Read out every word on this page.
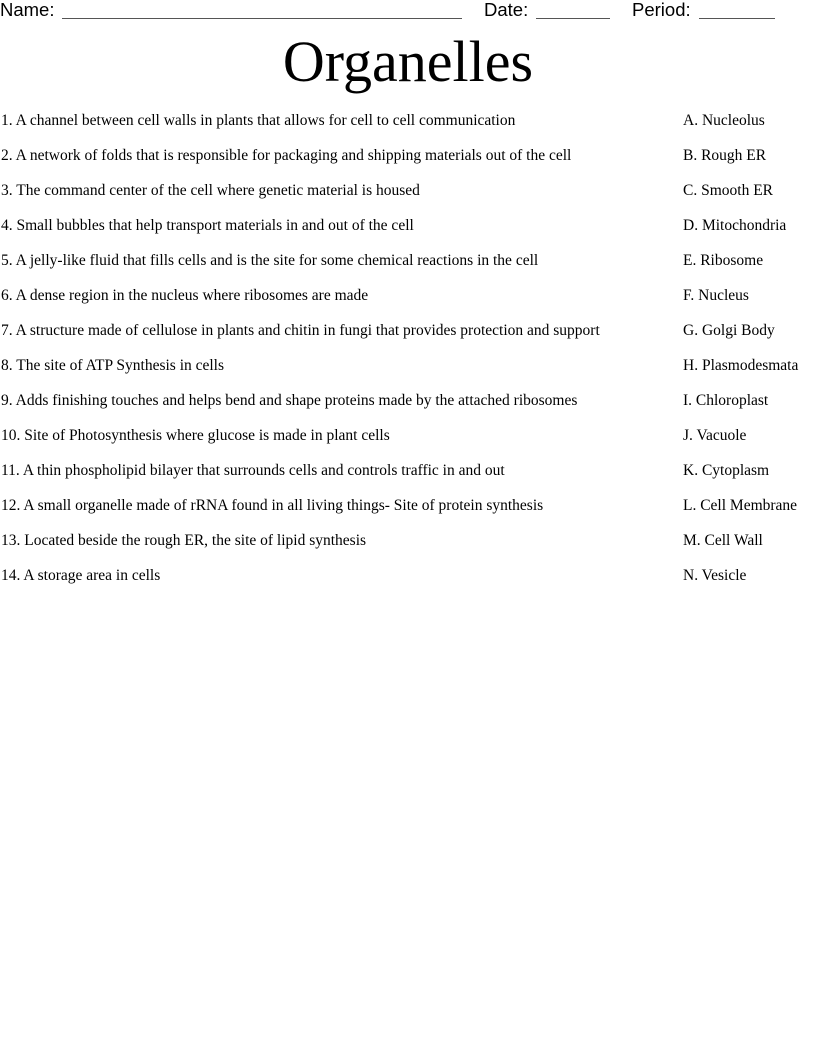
Name:	Date:	Period:
Organelles
1. A channel between cell walls in plants that allows for cell to cell communication	A. Nucleolus
2. A network of folds that is responsible for packaging and shipping materials out of the cell	B. Rough ER
3. The command center of the cell where genetic material is housed	C. Smooth ER
4. Small bubbles that help transport materials in and out of the cell	D. Mitochondria
5. A jelly-like fluid that fills cells and is the site for some chemical reactions in the cell	E. Ribosome
6. A dense region in the nucleus where ribosomes are made	F. Nucleus
7. A structure made of cellulose in plants and chitin in fungi that provides protection and support	G. Golgi Body
8. The site of ATP Synthesis in cells	H. Plasmodesmata
9. Adds finishing touches and helps bend and shape proteins made by the attached ribosomes	I. Chloroplast
10. Site of Photosynthesis where glucose is made in plant cells	J. Vacuole
11. A thin phospholipid bilayer that surrounds cells and controls traffic in and out	K. Cytoplasm
12. A small organelle made of rRNA found in all living things- Site of protein synthesis	L. Cell Membrane
13. Located beside the rough ER, the site of lipid synthesis	M. Cell Wall
14. A storage area in cells	N. Vesicle
